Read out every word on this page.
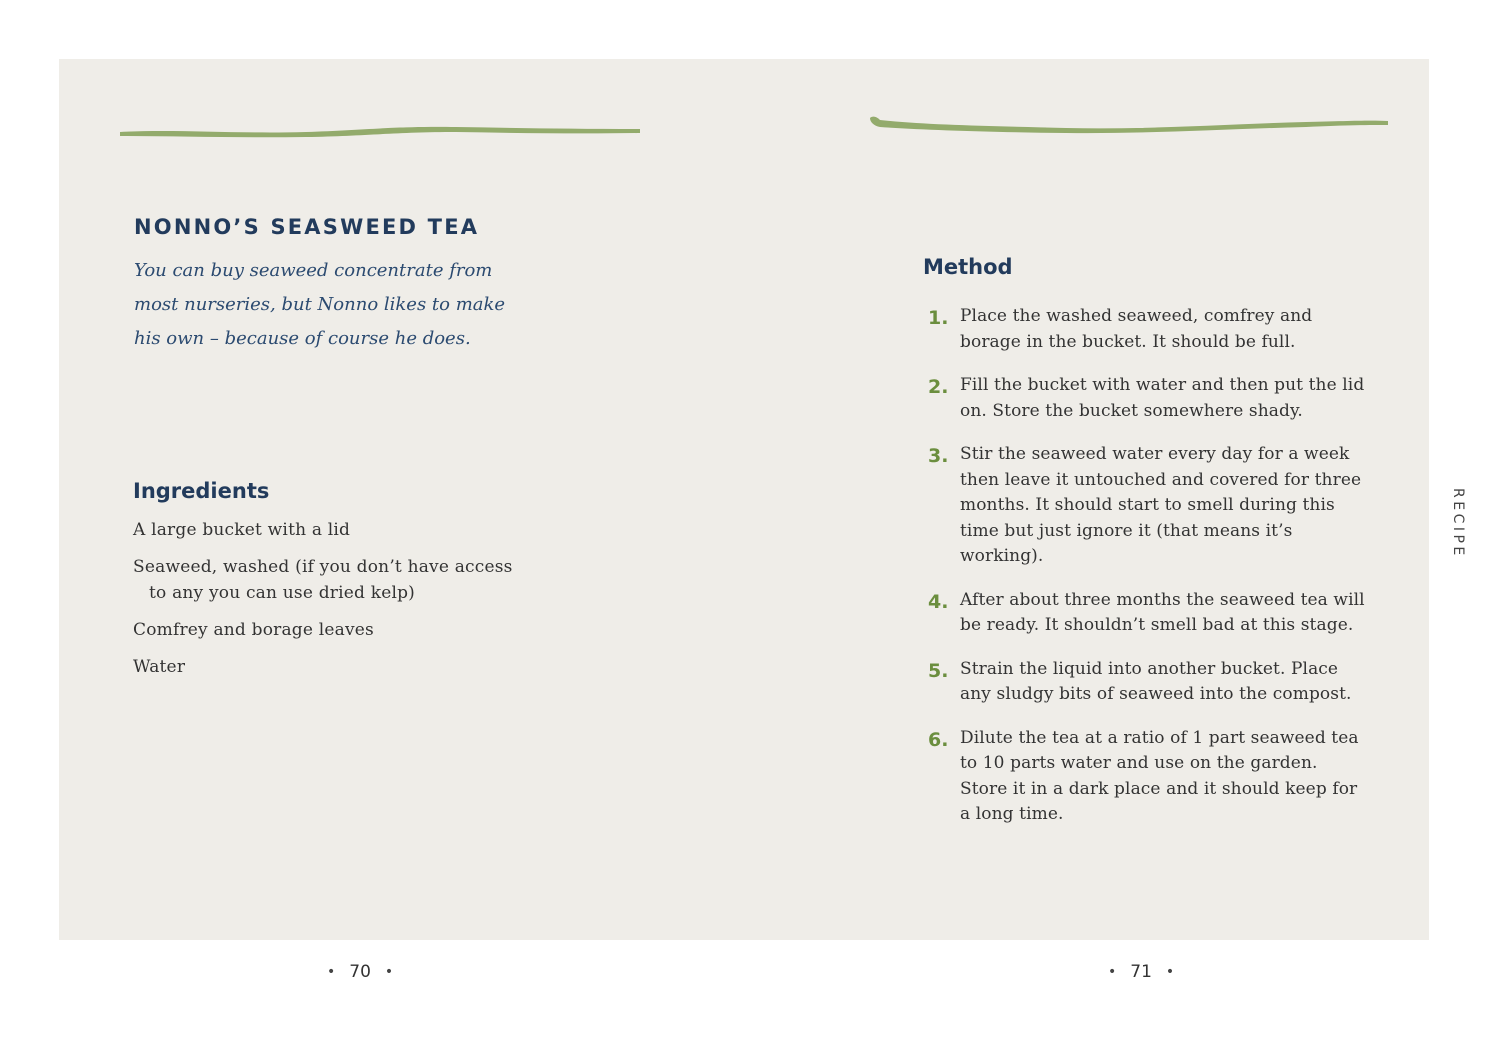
NONNO’S SEASWEED TEA

You can buy seaweed concentrate from most nurseries, but Nonno likes to make his own – because of course he does.

Ingredients
A large bucket with a lid
Seaweed, washed (if you don’t have access to any you can use dried kelp)
Comfrey and borage leaves
Water
Method
1. Place the washed seaweed, comfrey and borage in the bucket. It should be full.
2. Fill the bucket with water and then put the lid on. Store the bucket somewhere shady.
3. Stir the seaweed water every day for a week then leave it untouched and covered for three months. It should start to smell during this time but just ignore it (that means it’s working).
4. After about three months the seaweed tea will be ready. It shouldn’t smell bad at this stage.
5. Strain the liquid into another bucket. Place any sludgy bits of seaweed into the compost.
6. Dilute the tea at a ratio of 1 part seaweed tea to 10 parts water and use on the garden. Store it in a dark place and it should keep for a long time.
RECIPE
• 70 •	• 71 •
